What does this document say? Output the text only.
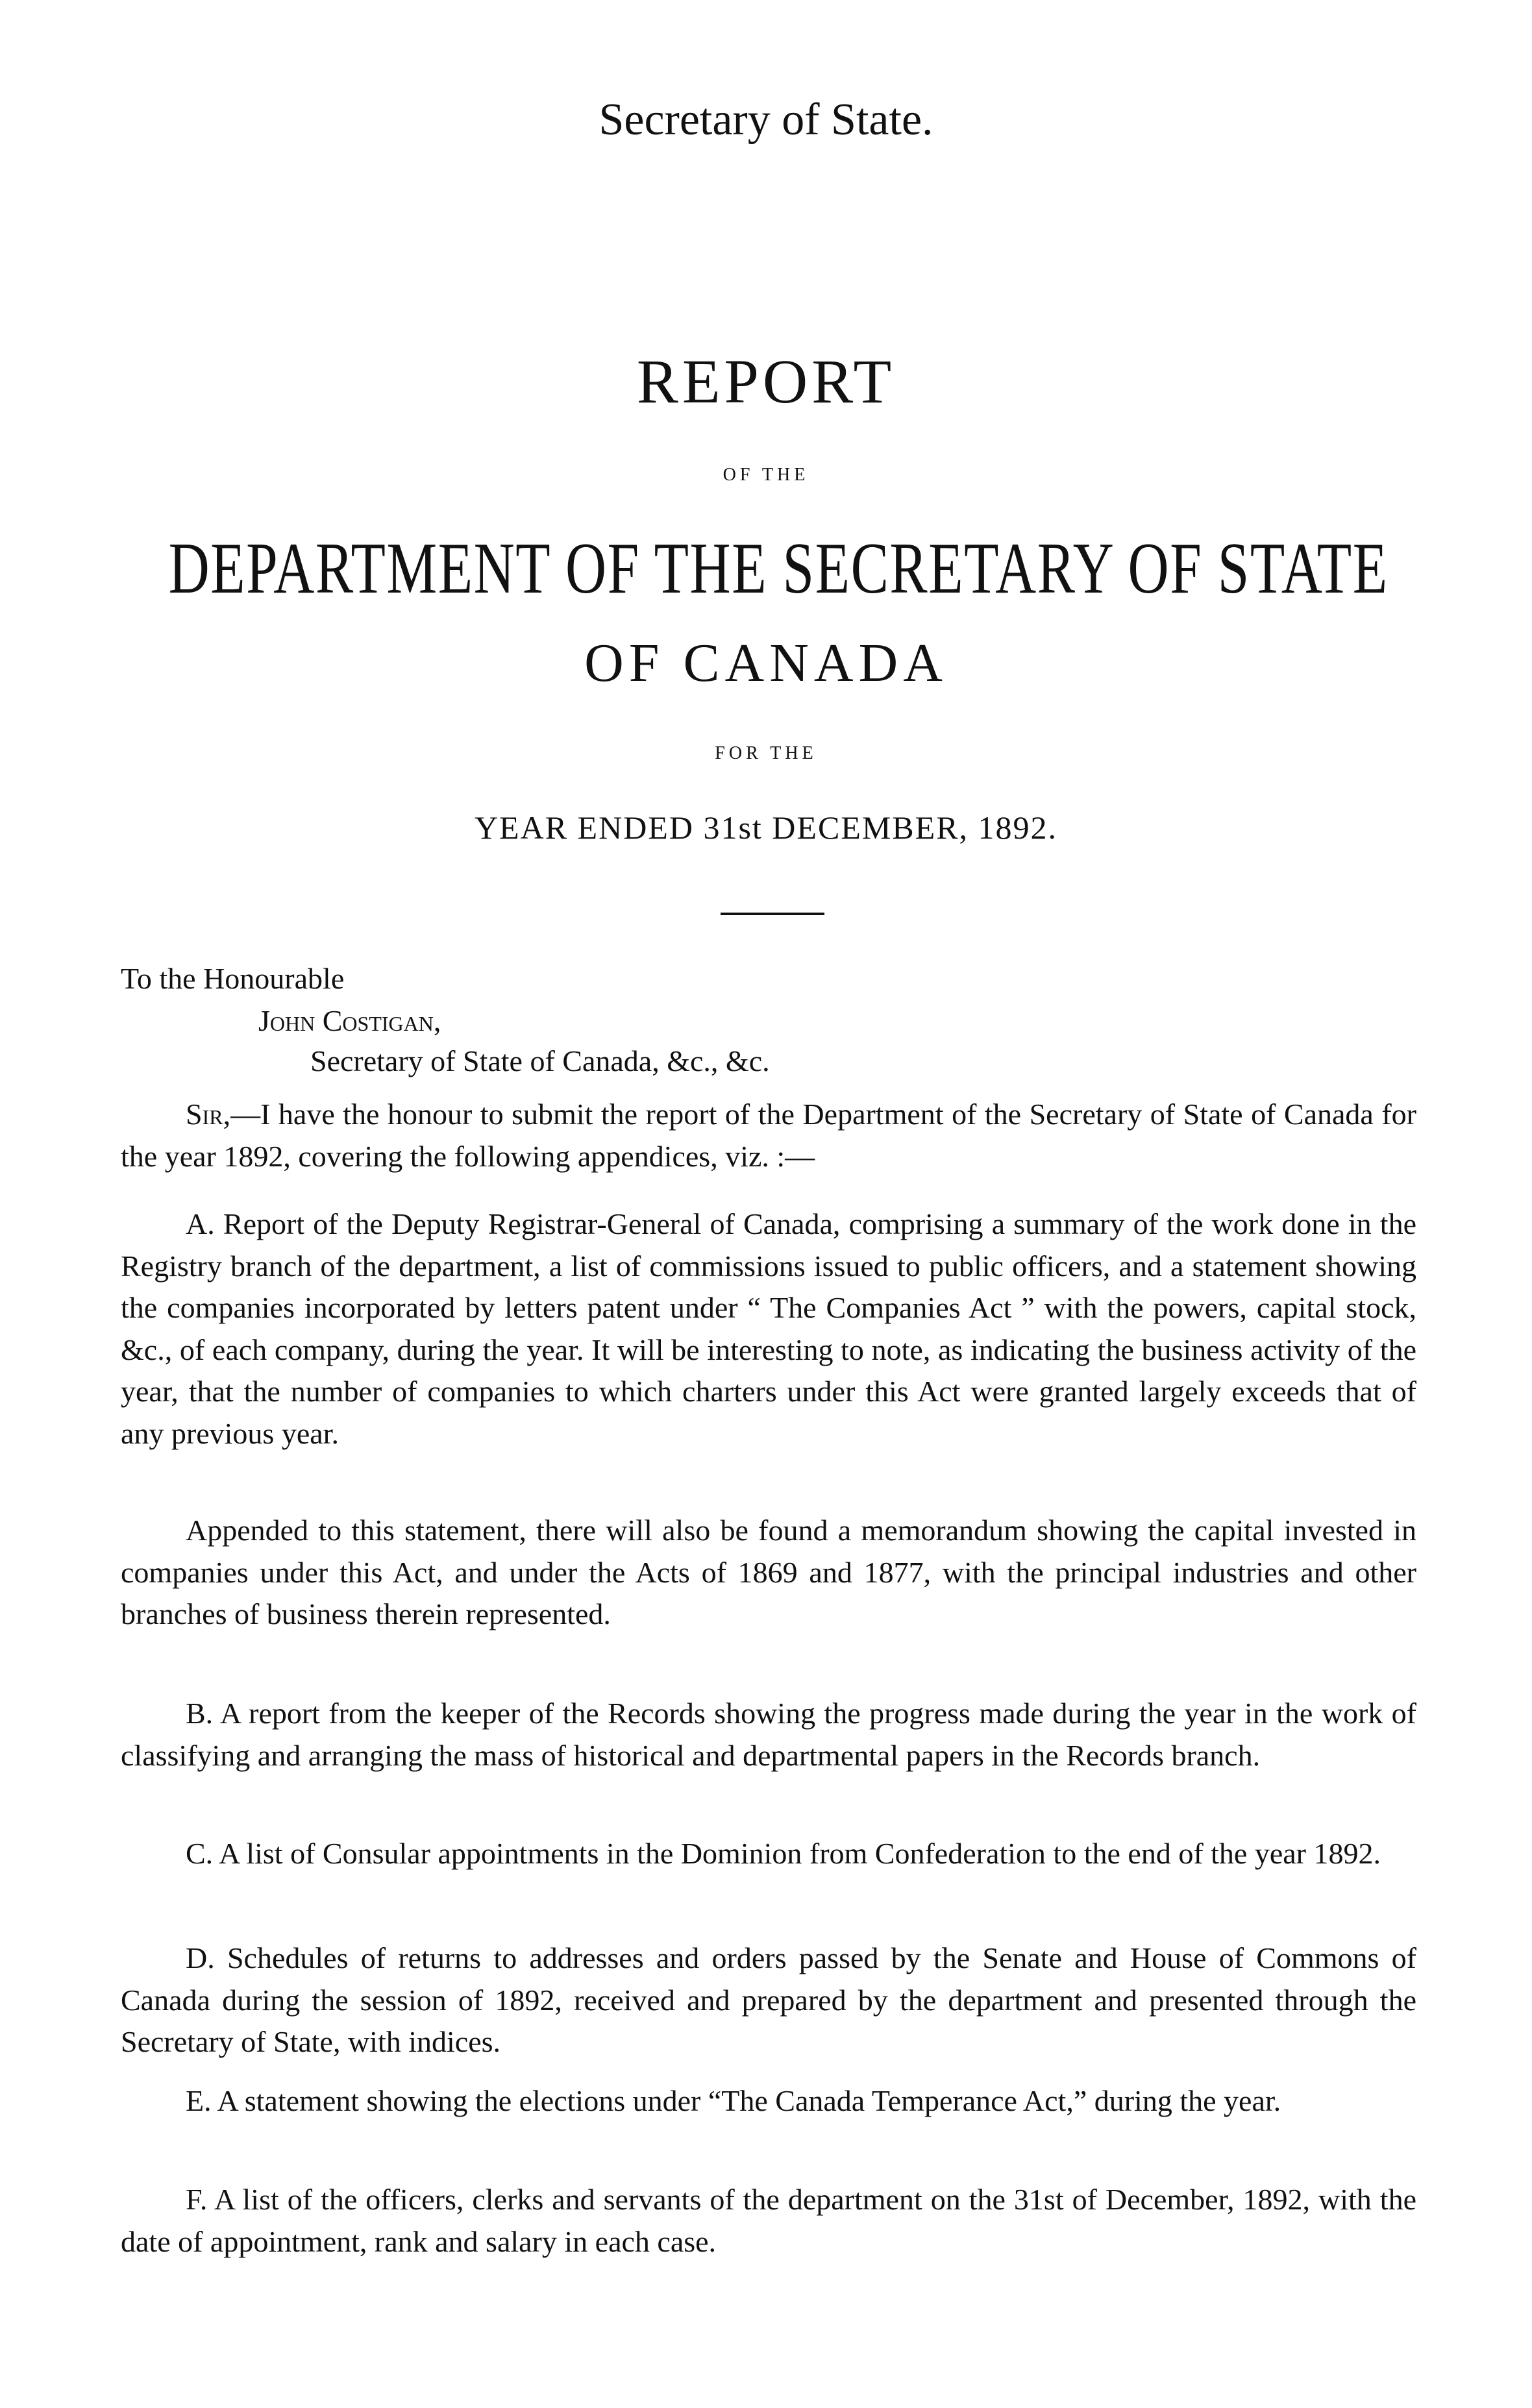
Secretary of State.
REPORT
OF THE
DEPARTMENT OF THE SECRETARY OF STATE
OF CANADA
FOR THE
YEAR ENDED 31st DECEMBER, 1892.
To the Honourable
John Costigan,
Secretary of State of Canada, &c., &c.

Sir,—I have the honour to submit the report of the Department of the Secretary of State of Canada for the year 1892, covering the following appendices, viz. :—

A. Report of the Deputy Registrar-General of Canada, comprising a summary of the work done in the Registry branch of the department, a list of commissions issued to public officers, and a statement showing the companies incorporated by letters patent under “ The Companies Act ” with the powers, capital stock, &c., of each company, during the year. It will be interesting to note, as indicating the business activity of the year, that the number of companies to which charters under this Act were granted largely exceeds that of any previous year.

Appended to this statement, there will also be found a memorandum showing the capital invested in companies under this Act, and under the Acts of 1869 and 1877, with the principal industries and other branches of business therein represented.

B. A report from the keeper of the Records showing the progress made during the year in the work of classifying and arranging the mass of historical and departmental papers in the Records branch.

C. A list of Consular appointments in the Dominion from Confederation to the end of the year 1892.

D. Schedules of returns to addresses and orders passed by the Senate and House of Commons of Canada during the session of 1892, received and prepared by the department and presented through the Secretary of State, with indices.

E. A statement showing the elections under “The Canada Temperance Act,” during the year.

F. A list of the officers, clerks and servants of the department on the 31st of December, 1892, with the date of appointment, rank and salary in each case.
